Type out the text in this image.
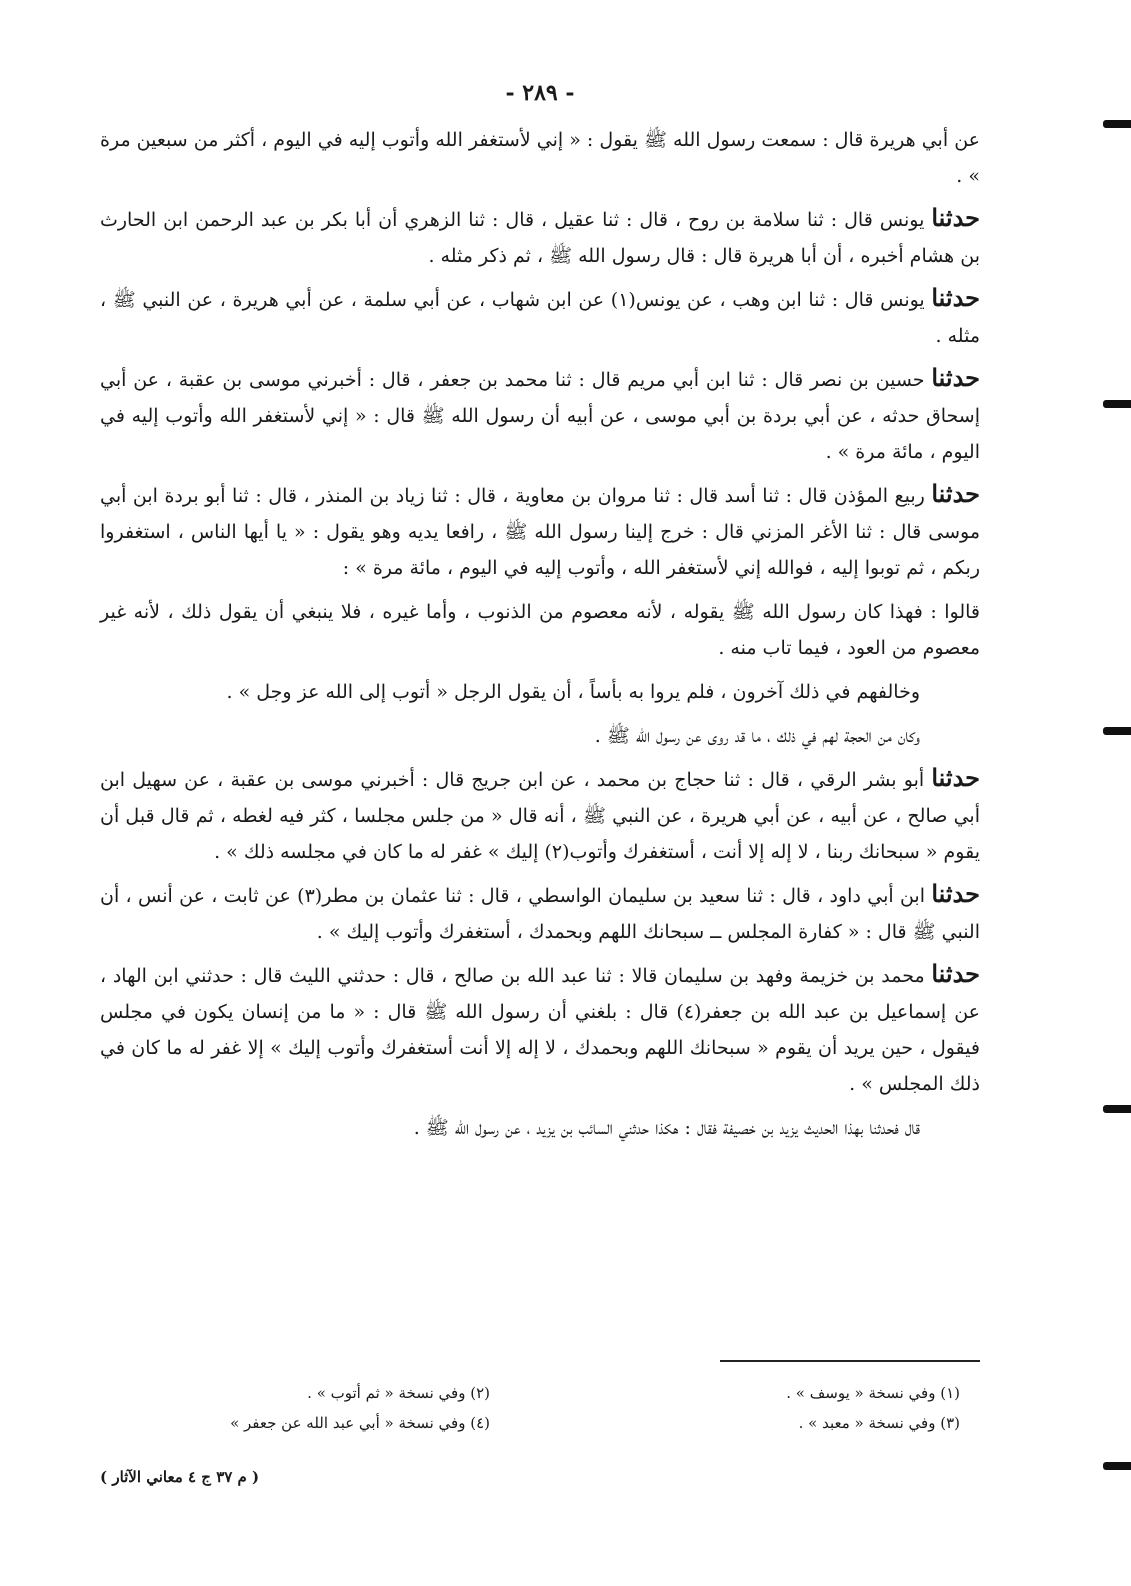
- ٢٨٩ -

عن أبي هريرة قال : سمعت رسول الله ﷺ يقول : « إني لأستغفر الله وأتوب إليه في اليوم ، أكثر من سبعين مرة » .

حدثنا يونس قال : ثنا سلامة بن روح ، قال : ثنا عقيل ، قال : ثنا الزهري أن أبا بكر بن عبد الرحمن ابن الحارث بن هشام أخبره ، أن أبا هريرة قال : قال رسول الله ﷺ ، ثم ذكر مثله .

حدثنا يونس قال : ثنا ابن وهب ، عن يونس(١) عن ابن شهاب ، عن أبي سلمة ، عن أبي هريرة ، عن النبي ﷺ ، مثله .

حدثنا حسين بن نصر قال : ثنا ابن أبي مريم قال : ثنا محمد بن جعفر ، قال : أخبرني موسى بن عقبة ، عن أبي إسحاق حدثه ، عن أبي بردة بن أبي موسى ، عن أبيه أن رسول الله ﷺ قال : « إني لأستغفر الله وأتوب إليه في اليوم ، مائة مرة » .

حدثنا ربيع المؤذن قال : ثنا أسد قال : ثنا مروان بن معاوية ، قال : ثنا زياد بن المنذر ، قال : ثنا أبو بردة ابن أبي موسى قال : ثنا الأغر المزني قال : خرج إلينا رسول الله ﷺ ، رافعا يديه وهو يقول : « يا أيها الناس ، استغفروا ربكم ، ثم توبوا إليه ، فوالله إني لأستغفر الله ، وأتوب إليه في اليوم ، مائة مرة » :

قالوا : فهذا كان رسول الله ﷺ يقوله ، لأنه معصوم من الذنوب ، وأما غيره ، فلا ينبغي أن يقول ذلك ، لأنه غير معصوم من العود ، فيما تاب منه .

وخالفهم في ذلك آخرون ، فلم يروا به بأساً ، أن يقول الرجل « أتوب إلى الله عز وجل » .

وكان من الحجة لهم في ذلك ، ما قد روى عن رسول الله ﷺ .

حدثنا أبو بشر الرقي ، قال : ثنا حجاج بن محمد ، عن ابن جريج قال : أخبرني موسى بن عقبة ، عن سهيل ابن أبي صالح ، عن أبيه ، عن أبي هريرة ، عن النبي ﷺ ، أنه قال « من جلس مجلسا ، كثر فيه لغطه ، ثم قال قبل أن يقوم « سبحانك ربنا ، لا إله إلا أنت ، أستغفرك وأتوب(٢) إليك » غفر له ما كان في مجلسه ذلك » .

حدثنا ابن أبي داود ، قال : ثنا سعيد بن سليمان الواسطي ، قال : ثنا عثمان بن مطر(٣) عن ثابت ، عن أنس ، أن النبي ﷺ قال : « كفارة المجلس ــ سبحانك اللهم وبحمدك ، أستغفرك وأتوب إليك » .

حدثنا محمد بن خزيمة وفهد بن سليمان قالا : ثنا عبد الله بن صالح ، قال : حدثني الليث قال : حدثني ابن الهاد ، عن إسماعيل بن عبد الله بن جعفر(٤) قال : بلغني أن رسول الله ﷺ قال : « ما من إنسان يكون في مجلس فيقول ، حين يريد أن يقوم « سبحانك اللهم وبحمدك ، لا إله إلا أنت أستغفرك وأتوب إليك » إلا غفر له ما كان في ذلك المجلس » .

قال فحدثنا بهذا الحديث يزيد بن خصيفة فقال : هكذا حدثني السائب بن يزيد ، عن رسول الله ﷺ .

(١) وفي نسخة « يوسف » .
(٢) وفي نسخة « ثم أتوب » .
(٣) وفي نسخة « معبد » .
(٤) وفي نسخة « أبي عبد الله عن جعفر »
( م ٣٧ ج ٤ معاني الآثار )
